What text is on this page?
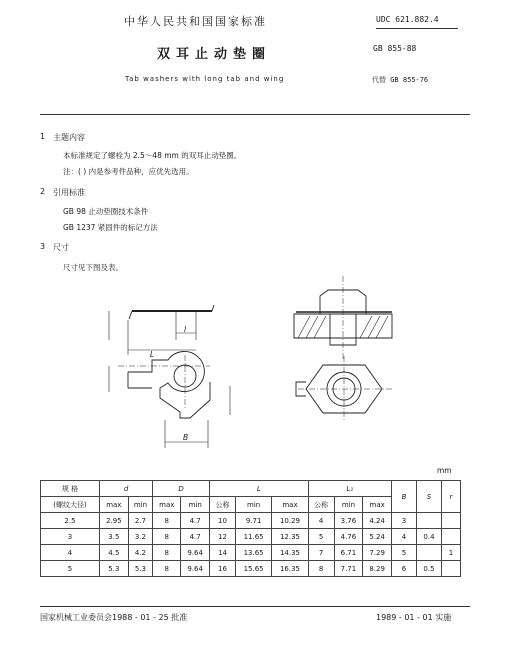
中华人民共和国国家标准	UDC 621.882.4
双耳止动垫圈	GB 855-88
Tab washers with long tab and wing	代替 GB 855-76
1 主题内容
本标准规定了螺栓为 2.5～48 mm 的双耳止动垫圈。
注：( ) 内是参考件品种，应优先选用。
2 引用标准
GB 98 止动垫圈技术条件
GB 1237 紧固件的标记方法
3 尺寸
尺寸见下图及表。
L
l
B
mm
规 格	d		D		L			L₁			B	S	r
(螺纹大径)	max	min	max	min	公称	min	max	公称	min	max			
2.5	2.95	2.7	8	4.7	10	9.71	10.29	4	3.76	4.24	3		
3	3.5	3.2	8	4.7	12	11.65	12.35	5	4.76	5.24	4	0.4	
4	4.5	4.2	8	9.64	14	13.65	14.35	7	6.71	7.29	5		1
5	5.3	5.3	8	9.64	16	15.65	16.35	8	7.71	8.29	6	0.5	
国家机械工业委员会1988 - 01 - 25 批准	1989 - 01 - 01 实施
